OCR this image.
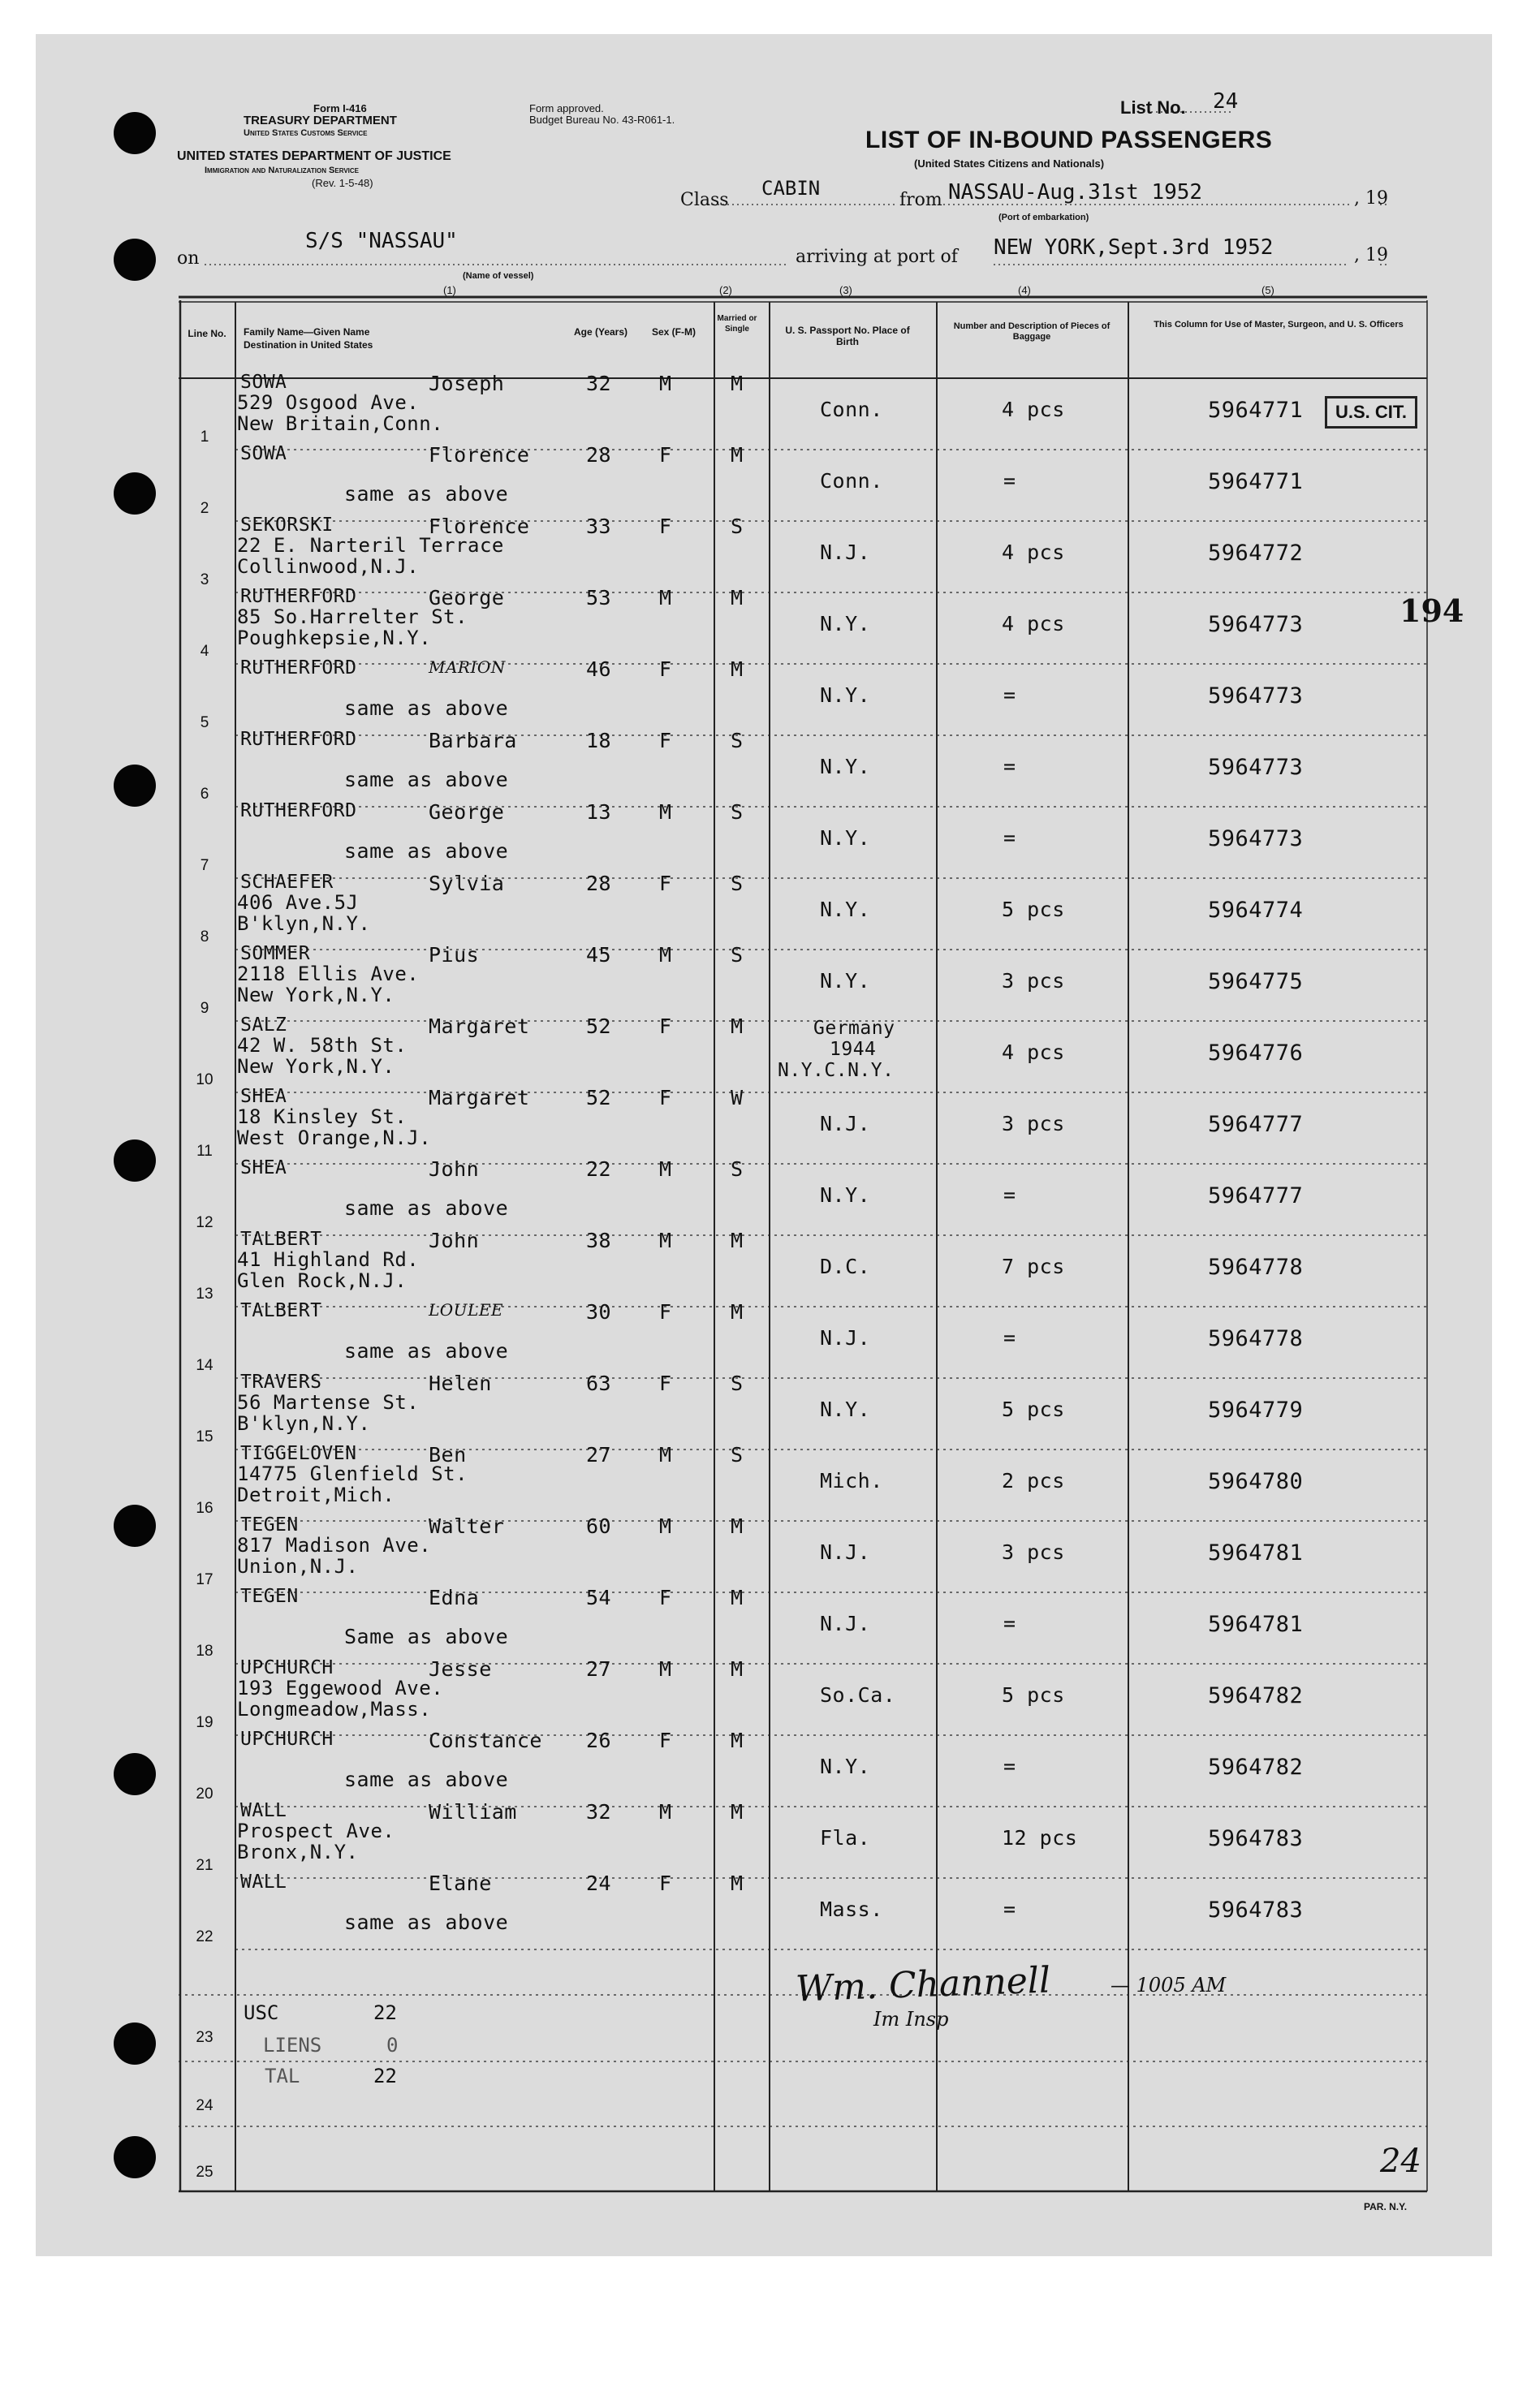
Form I-416
TREASURY DEPARTMENT
United States Customs Service
UNITED STATES DEPARTMENT OF JUSTICE
Immigration and Naturalization Service
(Rev. 1-5-48)
Form approved.
Budget Bureau No. 43-R061-1.
List No. 24
LIST OF IN-BOUND PASSENGERS
(United States Citizens and Nationals)
Class
CABIN
from NASSAU-Aug.31st 1952	, 19
(Port of embarkation)
on
S/S "NASSAU"
(Name of vessel)
arriving at port of NEW YORK,Sept.3rd 1952	, 19
(1)	(2)	(3)	(4)	(5)
Line No.	Family Name—Given Name
Destination in United States
Age (Years)	Sex (F-M)
Married or Single	U. S. Passport No. Place of Birth
Number and Description of Pieces of Baggage
This Column for Use of Master, Surgeon, and U. S. Officers
1
SOWA	Joseph
529 Osgood Ave.
New Britain,Conn.
32 M	M
Conn.	4 pcs	5964771
2
SOWA	Florence
same as above
28 F	M
Conn.	=	5964771
3
SEKORSKI	Florence
22 E. Narteril Terrace
Collinwood,N.J.
33 F	S
N.J.	4 pcs	5964772
4
RUTHERFORD	George
85 So.Harrelter St.
Poughkepsie,N.Y.
53 M	M
N.Y.	4 pcs	5964773
5
RUTHERFORD	MARION
same as above
46 F	M
N.Y.	=	5964773
6
RUTHERFORD	Barbara
same as above
18 F	S
N.Y.	=	5964773
7
RUTHERFORD	George
same as above
13 M	S
N.Y.	=	5964773
8
SCHAEFER	Sylvia
406 Ave.5J
B'klyn,N.Y.
28 F	S
N.Y.	5 pcs	5964774
9
SOMMER	Pius
2118 Ellis Ave.
New York,N.Y.
45 M	S
N.Y.	3 pcs	5964775
10
SALZ	Margaret
42 W. 58th St.
New York,N.Y.
52 F	M	Germany
1944
N.Y.C.N.Y.
4 pcs	5964776
11
SHEA	Margaret
18 Kinsley St.
West Orange,N.J.
52 F	W
N.J.	3 pcs	5964777
12
SHEA	John
same as above
22 M	S
N.Y.	=	5964777
13
TALBERT	John
41 Highland Rd.
Glen Rock,N.J.
38 M	M
D.C.	7 pcs	5964778
14
TALBERT	LOULEE
same as above
30 F	M
N.J.	=	5964778
15
TRAVERS	Helen
56 Martense St.
B'klyn,N.Y.
63 F	S
N.Y.	5 pcs	5964779
16
TIGGELOVEN	Ben
14775 Glenfield St.
Detroit,Mich.
27 M	S
Mich.	2 pcs	5964780
17
TEGEN	Walter
817 Madison Ave.
Union,N.J.
60 M	M
N.J.	3 pcs	5964781
18
TEGEN	Edna
Same as above
54 F	M
N.J.	=	5964781
19
UPCHURCH	Jesse
193 Eggewood Ave.
Longmeadow,Mass.
27 M	M
So.Ca.	5 pcs	5964782
20
UPCHURCH	Constance
same as above
26 F	M
N.Y.	=	5964782
21
WALL	William
Prospect Ave.
Bronx,N.Y.
32 M	M
Fla.	12 pcs	5964783
22
WALL	Elane
same as above
24 F	M
Mass.	=	5964783
23
24
25
U.S. CIT.
194
USC	22
LIENS	0
TAL	22
Wm. Channell	— 1005 AM
Im Insp
24
PAR. N.Y.
